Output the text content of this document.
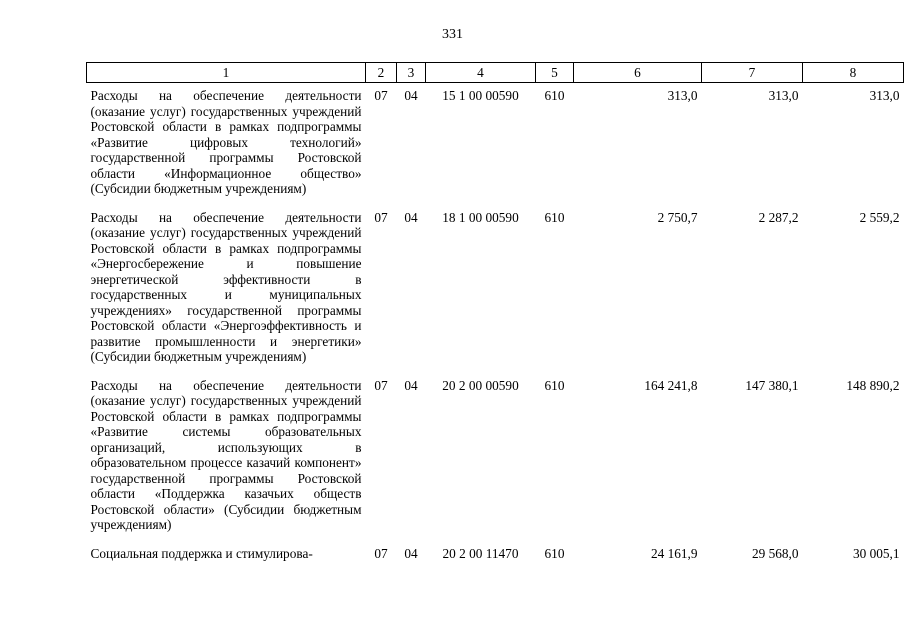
331
1	2	3	4	5	6	7	8
Расходы на обеспечение деятельности (оказание услуг) государственных учреждений Ростовской области в рамках подпрограммы «Развитие цифровых технологий» государственной программы Ростовской области «Информационное общество» (Субсидии бюджетным учреждениям)	07	04	15 1 00 00590	610	313,0	313,0	313,0
Расходы на обеспечение деятельности (оказание услуг) государственных учреждений Ростовской области в рамках подпрограммы «Энергосбережение и повышение энергетической эффективности в государственных и муниципальных учреждениях» государственной программы Ростовской области «Энергоэффективность и развитие промышленности и энергетики» (Субсидии бюджетным учреждениям)	07	04	18 1 00 00590	610	2 750,7	2 287,2	2 559,2
Расходы на обеспечение деятельности (оказание услуг) государственных учреждений Ростовской области в рамках подпрограммы «Развитие системы образовательных организаций, использующих в образовательном процессе казачий компонент» государственной программы Ростовской области «Поддержка казачьих обществ Ростовской области» (Субсидии бюджетным учреждениям)	07	04	20 2 00 00590	610	164 241,8	147 380,1	148 890,2
Социальная поддержка и стимулирова-	07	04	20 2 00 11470	610	24 161,9	29 568,0	30 005,1
